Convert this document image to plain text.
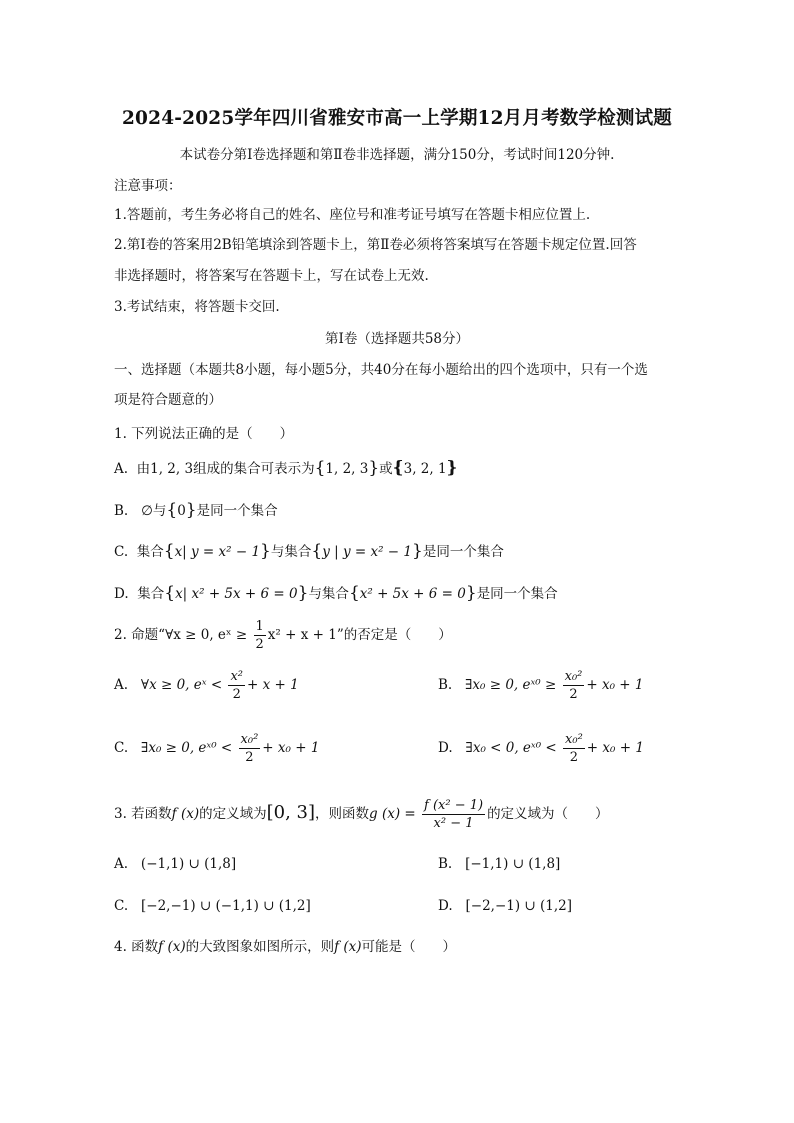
2024-2025学年四川省雅安市高一上学期12月月考数学检测试题
本试卷分第Ⅰ卷选择题和第Ⅱ卷非选择题，满分150分，考试时间120分钟.
注意事项：
1.答题前，考生务必将自己的姓名、座位号和准考证号填写在答题卡相应位置上.
2.第Ⅰ卷的答案用2B铅笔填涂到答题卡上，第Ⅱ卷必须将答案填写在答题卡规定位置.回答
非选择题时，将答案写在答题卡上，写在试卷上无效.
3.考试结束，将答题卡交回.
第Ⅰ卷（选择题共58分）
一、选择题（本题共8小题，每小题5分，共40分在每小题给出的四个选项中，只有一个选
项是符合题意的）
1. 下列说法正确的是（　　）
A. 由1, 2, 3组成的集合可表示为{1, 2, 3}或{3, 2, 1}
B. ∅与{0}是同一个集合
C. 集合{x| y = x² − 1}与集合{y | y = x² − 1}是同一个集合
D. 集合{x| x² + 5x + 6 = 0}与集合{x² + 5x + 6 = 0}是同一个集合
2. 命题“∀x ≥ 0, eˣ ≥ $\frac{1}{2} x^2 + x + 1$”的否定是（　　）
A. ∀x ≥ 0, eˣ < $\frac{\text{x²}}{2} + x + 1$	B. ∃x₀ ≥ 0, eˣ⁰ ≥ $\frac{\text{x₀²}}{2} + x_0 + 1$
C. ∃x₀ ≥ 0, eˣ⁰ < $\frac{\text{x₀²}}{2} + x_0 + 1$	D. ∃x₀ < 0, eˣ⁰ < $\frac{\text{x₀²}}{2} + x_0 + 1$
3. 若函数f (x)的定义域为[0, 3]，则函数g $(x) = \frac{\text{f (x² − 1)}}{\text{x² − 1}}$ 的定义域为（　　）
A. (−1,1) ∪ (1,8]	B. [−1,1) ∪ (1,8]
C. [−2,−1) ∪ (−1,1) ∪ (1,2]	D. [−2,−1) ∪ (1,2]
4. 函数f (x)的大致图象如图所示，则f (x)可能是（　　）
